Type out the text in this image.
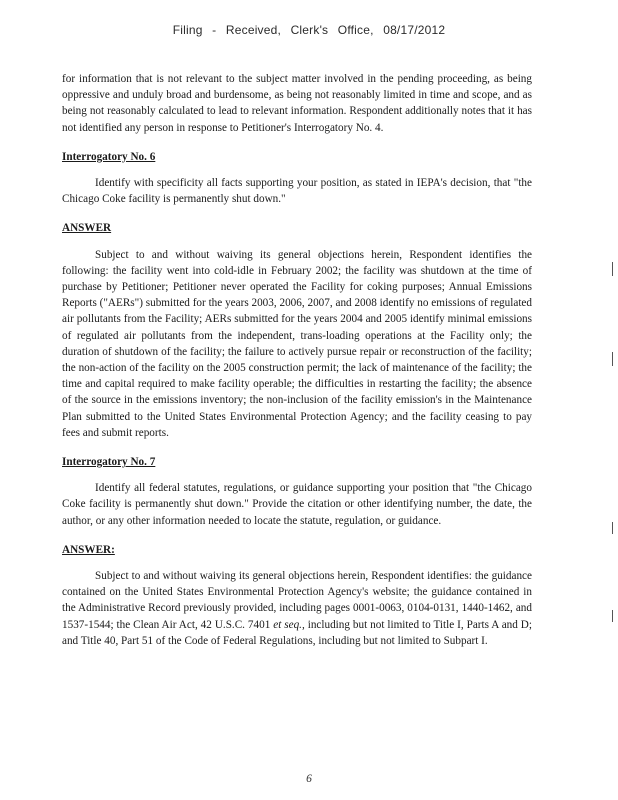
Filing - Received, Clerk's Office, 08/17/2012

for information that is not relevant to the subject matter involved in the pending proceeding, as being oppressive and unduly broad and burdensome, as being not reasonably limited in time and scope, and as being not reasonably calculated to lead to relevant information. Respondent additionally notes that it has not identified any person in response to Petitioner's Interrogatory No. 4.

Interrogatory No. 6

Identify with specificity all facts supporting your position, as stated in IEPA's decision, that "the Chicago Coke facility is permanently shut down."

ANSWER

Subject to and without waiving its general objections herein, Respondent identifies the following: the facility went into cold-idle in February 2002; the facility was shutdown at the time of purchase by Petitioner; Petitioner never operated the Facility for coking purposes; Annual Emissions Reports ("AERs") submitted for the years 2003, 2006, 2007, and 2008 identify no emissions of regulated air pollutants from the Facility; AERs submitted for the years 2004 and 2005 identify minimal emissions of regulated air pollutants from the independent, trans-loading operations at the Facility only; the duration of shutdown of the facility; the failure to actively pursue repair or reconstruction of the facility; the non-action of the facility on the 2005 construction permit; the lack of maintenance of the facility; the time and capital required to make facility operable; the difficulties in restarting the facility; the absence of the source in the emissions inventory; the non-inclusion of the facility emission's in the Maintenance Plan submitted to the United States Environmental Protection Agency; and the facility ceasing to pay fees and submit reports.

Interrogatory No. 7

Identify all federal statutes, regulations, or guidance supporting your position that "the Chicago Coke facility is permanently shut down." Provide the citation or other identifying number, the date, the author, or any other information needed to locate the statute, regulation, or guidance.

ANSWER:

Subject to and without waiving its general objections herein, Respondent identifies: the guidance contained on the United States Environmental Protection Agency's website; the guidance contained in the Administrative Record previously provided, including pages 0001-0063, 0104-0131, 1440-1462, and 1537-1544; the Clean Air Act, 42 U.S.C. 7401 et seq., including but not limited to Title I, Parts A and D; and Title 40, Part 51 of the Code of Federal Regulations, including but not limited to Subpart I.

6
